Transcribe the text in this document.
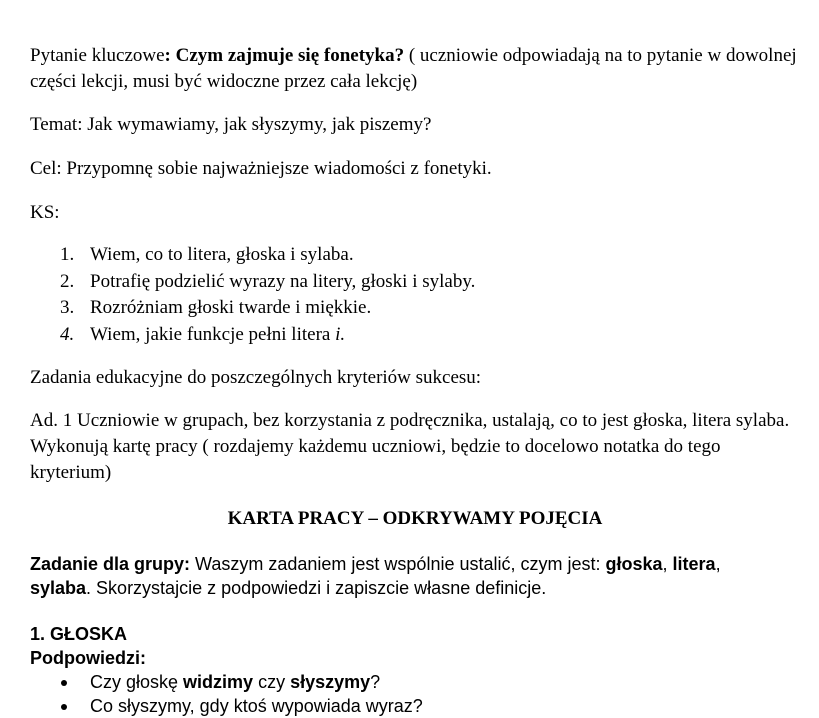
Pytanie kluczowe: Czym zajmuje się fonetyka? ( uczniowie odpowiadają na to pytanie w dowolnej części lekcji, musi być widoczne przez cała lekcję)

Temat: Jak wymawiamy, jak słyszymy, jak piszemy?

Cel: Przypomnę sobie najważniejsze wiadomości z fonetyki.

KS:

1. Wiem, co to litera, głoska i sylaba.
2. Potrafię podzielić wyrazy na litery, głoski i sylaby.
3. Rozróżniam głoski twarde i miękkie.
4. Wiem, jakie funkcje pełni litera i.

Zadania edukacyjne do poszczególnych kryteriów sukcesu:

Ad. 1 Uczniowie w grupach, bez korzystania z podręcznika, ustalają, co to jest głoska, litera sylaba. Wykonują kartę pracy ( rozdajemy każdemu uczniowi, będzie to docelowo notatka do tego kryterium)

KARTA PRACY – ODKRYWAMY POJĘCIA

Zadanie dla grupy: Waszym zadaniem jest wspólnie ustalić, czym jest: głoska, litera,
sylaba. Skorzystajcie z podpowiedzi i zapiszcie własne definicje.

1. GŁOSKA

Podpowiedzi:

Czy głoskę widzimy czy słyszymy?
Co słyszymy, gdy ktoś wypowiada wyraz?
